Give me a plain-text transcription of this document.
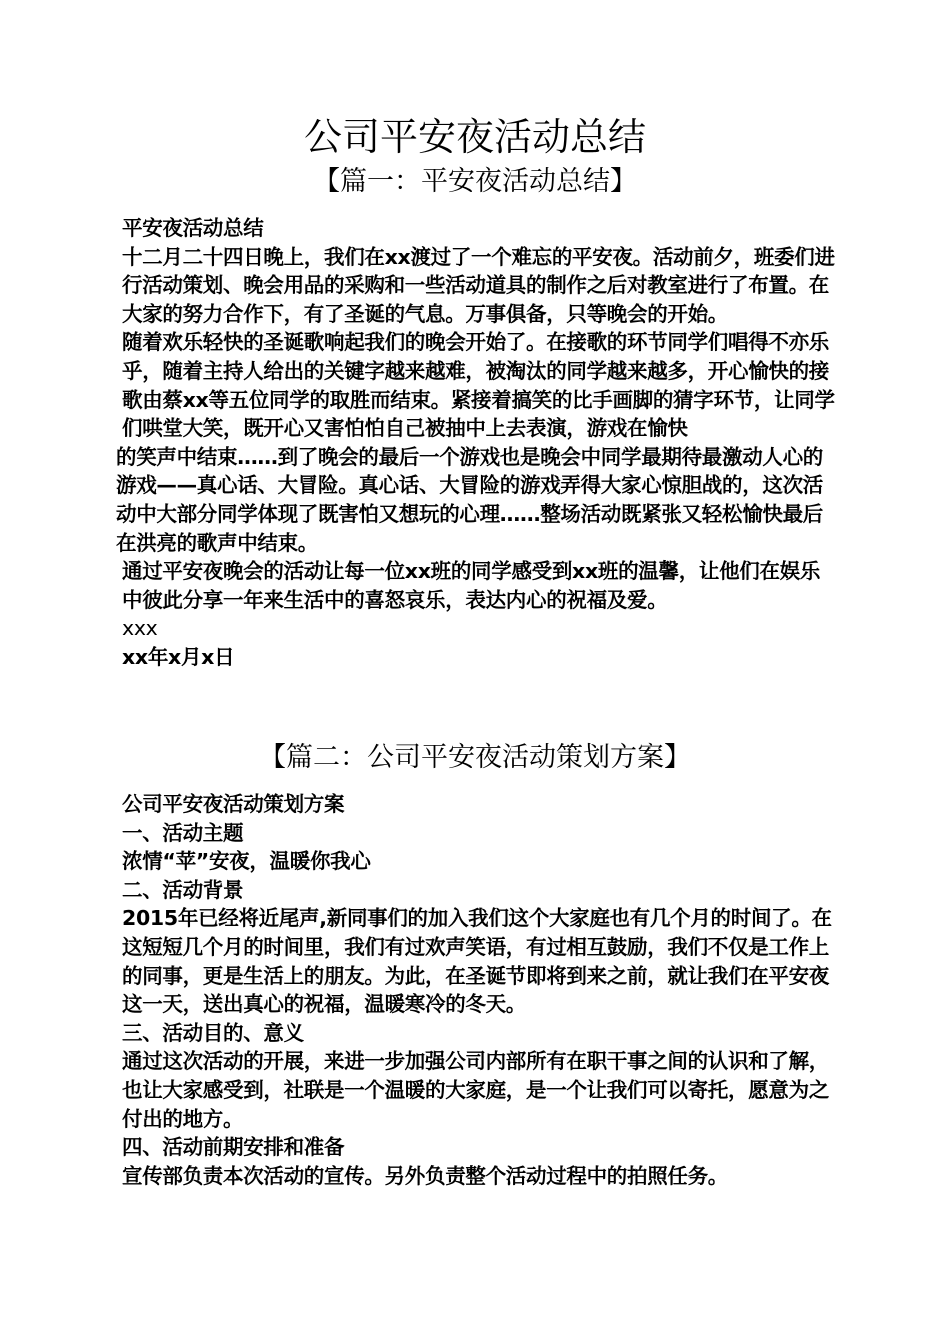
公司平安夜活动总结
【篇一：平安夜活动总结】

平安夜活动总结

十二月二十四日晚上，我们在xx渡过了一个难忘的平安夜。活动前夕，班委们进行活动策划、晚会用品的采购和一些活动道具的制作之后对教室进行了布置。在大家的努力合作下，有了圣诞的气息。万事俱备，只等晚会的开始。

随着欢乐轻快的圣诞歌响起我们的晚会开始了。在接歌的环节同学们唱得不亦乐乎，随着主持人给出的关键字越来越难，被淘汰的同学越来越多，开心愉快的接歌由蔡xx等五位同学的取胜而结束。紧接着搞笑的比手画脚的猜字环节，让同学们哄堂大笑，既开心又害怕怕自己被抽中上去表演，游戏在愉快

的笑声中结束……到了晚会的最后一个游戏也是晚会中同学最期待最激动人心的游戏——真心话、大冒险。真心话、大冒险的游戏弄得大家心惊胆战的，这次活动中大部分同学体现了既害怕又想玩的心理……整场活动既紧张又轻松愉快最后在洪亮的歌声中结束。

通过平安夜晚会的活动让每一位xx班的同学感受到xx班的温馨，让他们在娱乐中彼此分享一年来生活中的喜怒哀乐，表达内心的祝福及爱。

xxx

xx年x月x日

【篇二：公司平安夜活动策划方案】

公司平安夜活动策划方案

一、活动主题

浓情“苹”安夜，温暖你我心

二、活动背景

2015年已经将近尾声,新同事们的加入我们这个大家庭也有几个月的时间了。在这短短几个月的时间里，我们有过欢声笑语，有过相互鼓励，我们不仅是工作上的同事，更是生活上的朋友。为此，在圣诞节即将到来之前，就让我们在平安夜这一天，送出真心的祝福，温暖寒冷的冬天。

三、活动目的、意义

通过这次活动的开展，来进一步加强公司内部所有在职干事之间的认识和了解，也让大家感受到，社联是一个温暖的大家庭，是一个让我们可以寄托，愿意为之付出的地方。

四、活动前期安排和准备

宣传部负责本次活动的宣传。另外负责整个活动过程中的拍照任务。
